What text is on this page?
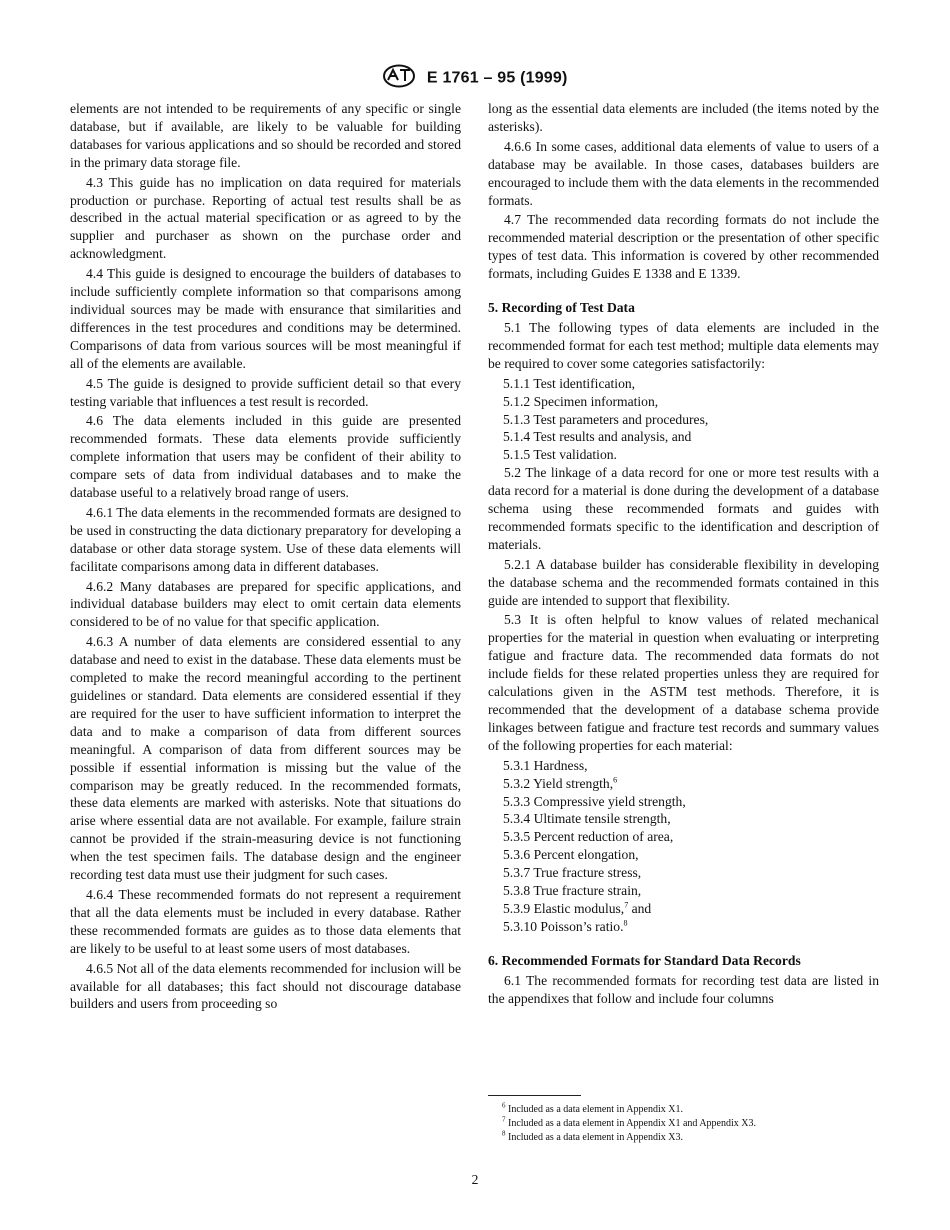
E 1761 – 95 (1999)

elements are not intended to be requirements of any specific or single database, but if available, are likely to be valuable for building databases for various applications and so should be recorded and stored in the primary data storage file.

4.3 This guide has no implication on data required for materials production or purchase. Reporting of actual test results shall be as described in the actual material specification or as agreed to by the supplier and purchaser as shown on the purchase order and acknowledgment.

4.4 This guide is designed to encourage the builders of databases to include sufficiently complete information so that comparisons among individual sources may be made with ensurance that similarities and differences in the test procedures and conditions may be determined. Comparisons of data from various sources will be most meaningful if all of the elements are available.

4.5 The guide is designed to provide sufficient detail so that every testing variable that influences a test result is recorded.

4.6 The data elements included in this guide are presented recommended formats. These data elements provide sufficiently complete information that users may be confident of their ability to compare sets of data from individual databases and to make the database useful to a relatively broad range of users.

4.6.1 The data elements in the recommended formats are designed to be used in constructing the data dictionary preparatory for developing a database or other data storage system. Use of these data elements will facilitate comparisons among data in different databases.

4.6.2 Many databases are prepared for specific applications, and individual database builders may elect to omit certain data elements considered to be of no value for that specific application.

4.6.3 A number of data elements are considered essential to any database and need to exist in the database. These data elements must be completed to make the record meaningful according to the pertinent guidelines or standard. Data elements are considered essential if they are required for the user to have sufficient information to interpret the data and to make a comparison of data from different sources meaningful. A comparison of data from different sources may be possible if essential information is missing but the value of the comparison may be greatly reduced. In the recommended formats, these data elements are marked with asterisks. Note that situations do arise where essential data are not available. For example, failure strain cannot be provided if the strain-measuring device is not functioning when the test specimen fails. The database design and the engineer recording test data must use their judgment for such cases.

4.6.4 These recommended formats do not represent a requirement that all the data elements must be included in every database. Rather these recommended formats are guides as to those data elements that are likely to be useful to at least some users of most databases.

4.6.5 Not all of the data elements recommended for inclusion will be available for all databases; this fact should not discourage database builders and users from proceeding so

long as the essential data elements are included (the items noted by the asterisks).

4.6.6 In some cases, additional data elements of value to users of a database may be available. In those cases, databases builders are encouraged to include them with the data elements in the recommended formats.

4.7 The recommended data recording formats do not include the recommended material description or the presentation of other specific types of test data. This information is covered by other recommended formats, including Guides E 1338 and E 1339.

5. Recording of Test Data

5.1 The following types of data elements are included in the recommended format for each test method; multiple data elements may be required to cover some categories satisfactorily:

5.1.1 Test identification,

5.1.2 Specimen information,

5.1.3 Test parameters and procedures,

5.1.4 Test results and analysis, and

5.1.5 Test validation.

5.2 The linkage of a data record for one or more test results with a data record for a material is done during the development of a database schema using these recommended formats and guides with recommended formats specific to the identification and description of materials.

5.2.1 A database builder has considerable flexibility in developing the database schema and the recommended formats contained in this guide are intended to support that flexibility.

5.3 It is often helpful to know values of related mechanical properties for the material in question when evaluating or interpreting fatigue and fracture data. The recommended data formats do not include fields for these related properties unless they are required for calculations given in the ASTM test methods. Therefore, it is recommended that the development of a database schema provide linkages between fatigue and fracture test records and summary values of the following properties for each material:

5.3.1 Hardness,

5.3.2 Yield strength,$^6$

5.3.3 Compressive yield strength,

5.3.4 Ultimate tensile strength,

5.3.5 Percent reduction of area,

5.3.6 Percent elongation,

5.3.7 True fracture stress,

5.3.8 True fracture strain,

5.3.9 Elastic modulus,$^7$ and

5.3.10 Poisson’s ratio.$^8$

6. Recommended Formats for Standard Data Records

6.1 The recommended formats for recording test data are listed in the appendixes that follow and include four columns

$^6$ Included as a data element in Appendix X1.
$^7$ Included as a data element in Appendix X1 and Appendix X3.
$^8$ Included as a data element in Appendix X3.
2
